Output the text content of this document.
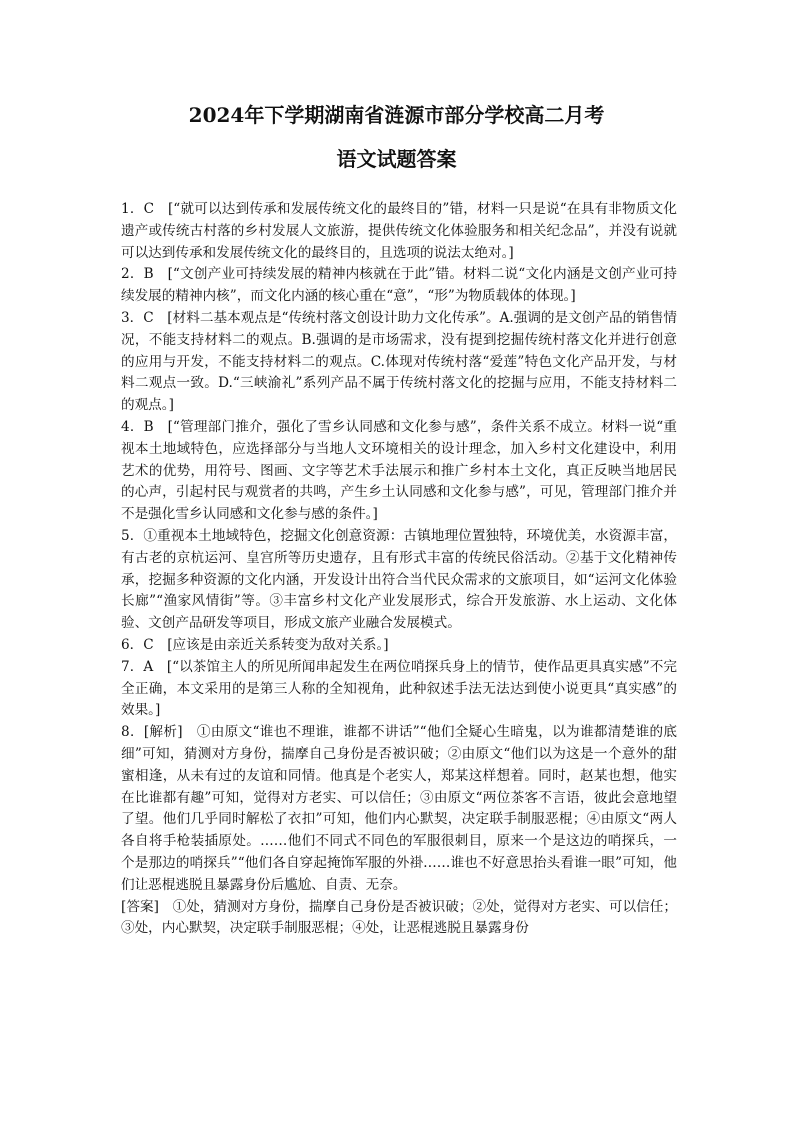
2024年下学期湖南省涟源市部分学校高二月考
语文试题答案

1．C　[“就可以达到传承和发展传统文化的最终目的”错，材料一只是说“在具有非物质文化遗产或传统古村落的乡村发展人文旅游，提供传统文化体验服务和相关纪念品”，并没有说就可以达到传承和发展传统文化的最终目的，且选项的说法太绝对。]

2．B　[“文创产业可持续发展的精神内核就在于此”错。材料二说“文化内涵是文创产业可持续发展的精神内核”，而文化内涵的核心重在“意”，“形”为物质载体的体现。]

3．C　[材料二基本观点是“传统村落文创设计助力文化传承”。A.强调的是文创产品的销售情况，不能支持材料二的观点。B.强调的是市场需求，没有提到挖掘传统村落文化并进行创意的应用与开发，不能支持材料二的观点。C.体现对传统村落“爱莲”特色文化产品开发，与材料二观点一致。D.“三峡渝礼”系列产品不属于传统村落文化的挖掘与应用，不能支持材料二的观点。]

4．B　[“管理部门推介，强化了雪乡认同感和文化参与感”，条件关系不成立。材料一说“重视本土地域特色，应选择部分与当地人文环境相关的设计理念，加入乡村文化建设中，利用艺术的优势，用符号、图画、文字等艺术手法展示和推广乡村本土文化，真正反映当地居民的心声，引起村民与观赏者的共鸣，产生乡土认同感和文化参与感”，可见，管理部门推介并不是强化雪乡认同感和文化参与感的条件。]

5．①重视本土地域特色，挖掘文化创意资源：古镇地理位置独特，环境优美，水资源丰富，有古老的京杭运河、皇宫所等历史遗存，且有形式丰富的传统民俗活动。②基于文化精神传承，挖掘多种资源的文化内涵，开发设计出符合当代民众需求的文旅项目，如“运河文化体验长廊”“渔家风情街”等。③丰富乡村文化产业发展形式，综合开发旅游、水上运动、文化体验、文创产品研发等项目，形成文旅产业融合发展模式。

6．C　[应该是由亲近关系转变为敌对关系。]

7．A　[“以茶馆主人的所见所闻串起发生在两位哨探兵身上的情节，使作品更具真实感”不完全正确，本文采用的是第三人称的全知视角，此种叙述手法无法达到使小说更具“真实感”的效果。]

8．[解析]　①由原文“谁也不理谁，谁都不讲话”“他们全疑心生暗鬼，以为谁都清楚谁的底细”可知，猜测对方身份，揣摩自己身份是否被识破；②由原文“他们以为这是一个意外的甜蜜相逢，从未有过的友谊和同情。他真是个老实人，郑某这样想着。同时，赵某也想，他实在比谁都有趣”可知，觉得对方老实、可以信任；③由原文“两位茶客不言语，彼此会意地望了望。他们几乎同时解松了衣扣”可知，他们内心默契，决定联手制服恶棍；④由原文“两人各自将手枪装插原处。……他们不同式不同色的军服很刺目，原来一个是这边的哨探兵，一个是那边的哨探兵”“他们各自穿起掩饰军服的外褂……谁也不好意思抬头看谁一眼”可知，他们让恶棍逃脱且暴露身份后尴尬、自责、无奈。

[答案]　①处，猜测对方身份，揣摩自己身份是否被识破；②处，觉得对方老实、可以信任；③处，内心默契，决定联手制服恶棍；④处，让恶棍逃脱且暴露身份
